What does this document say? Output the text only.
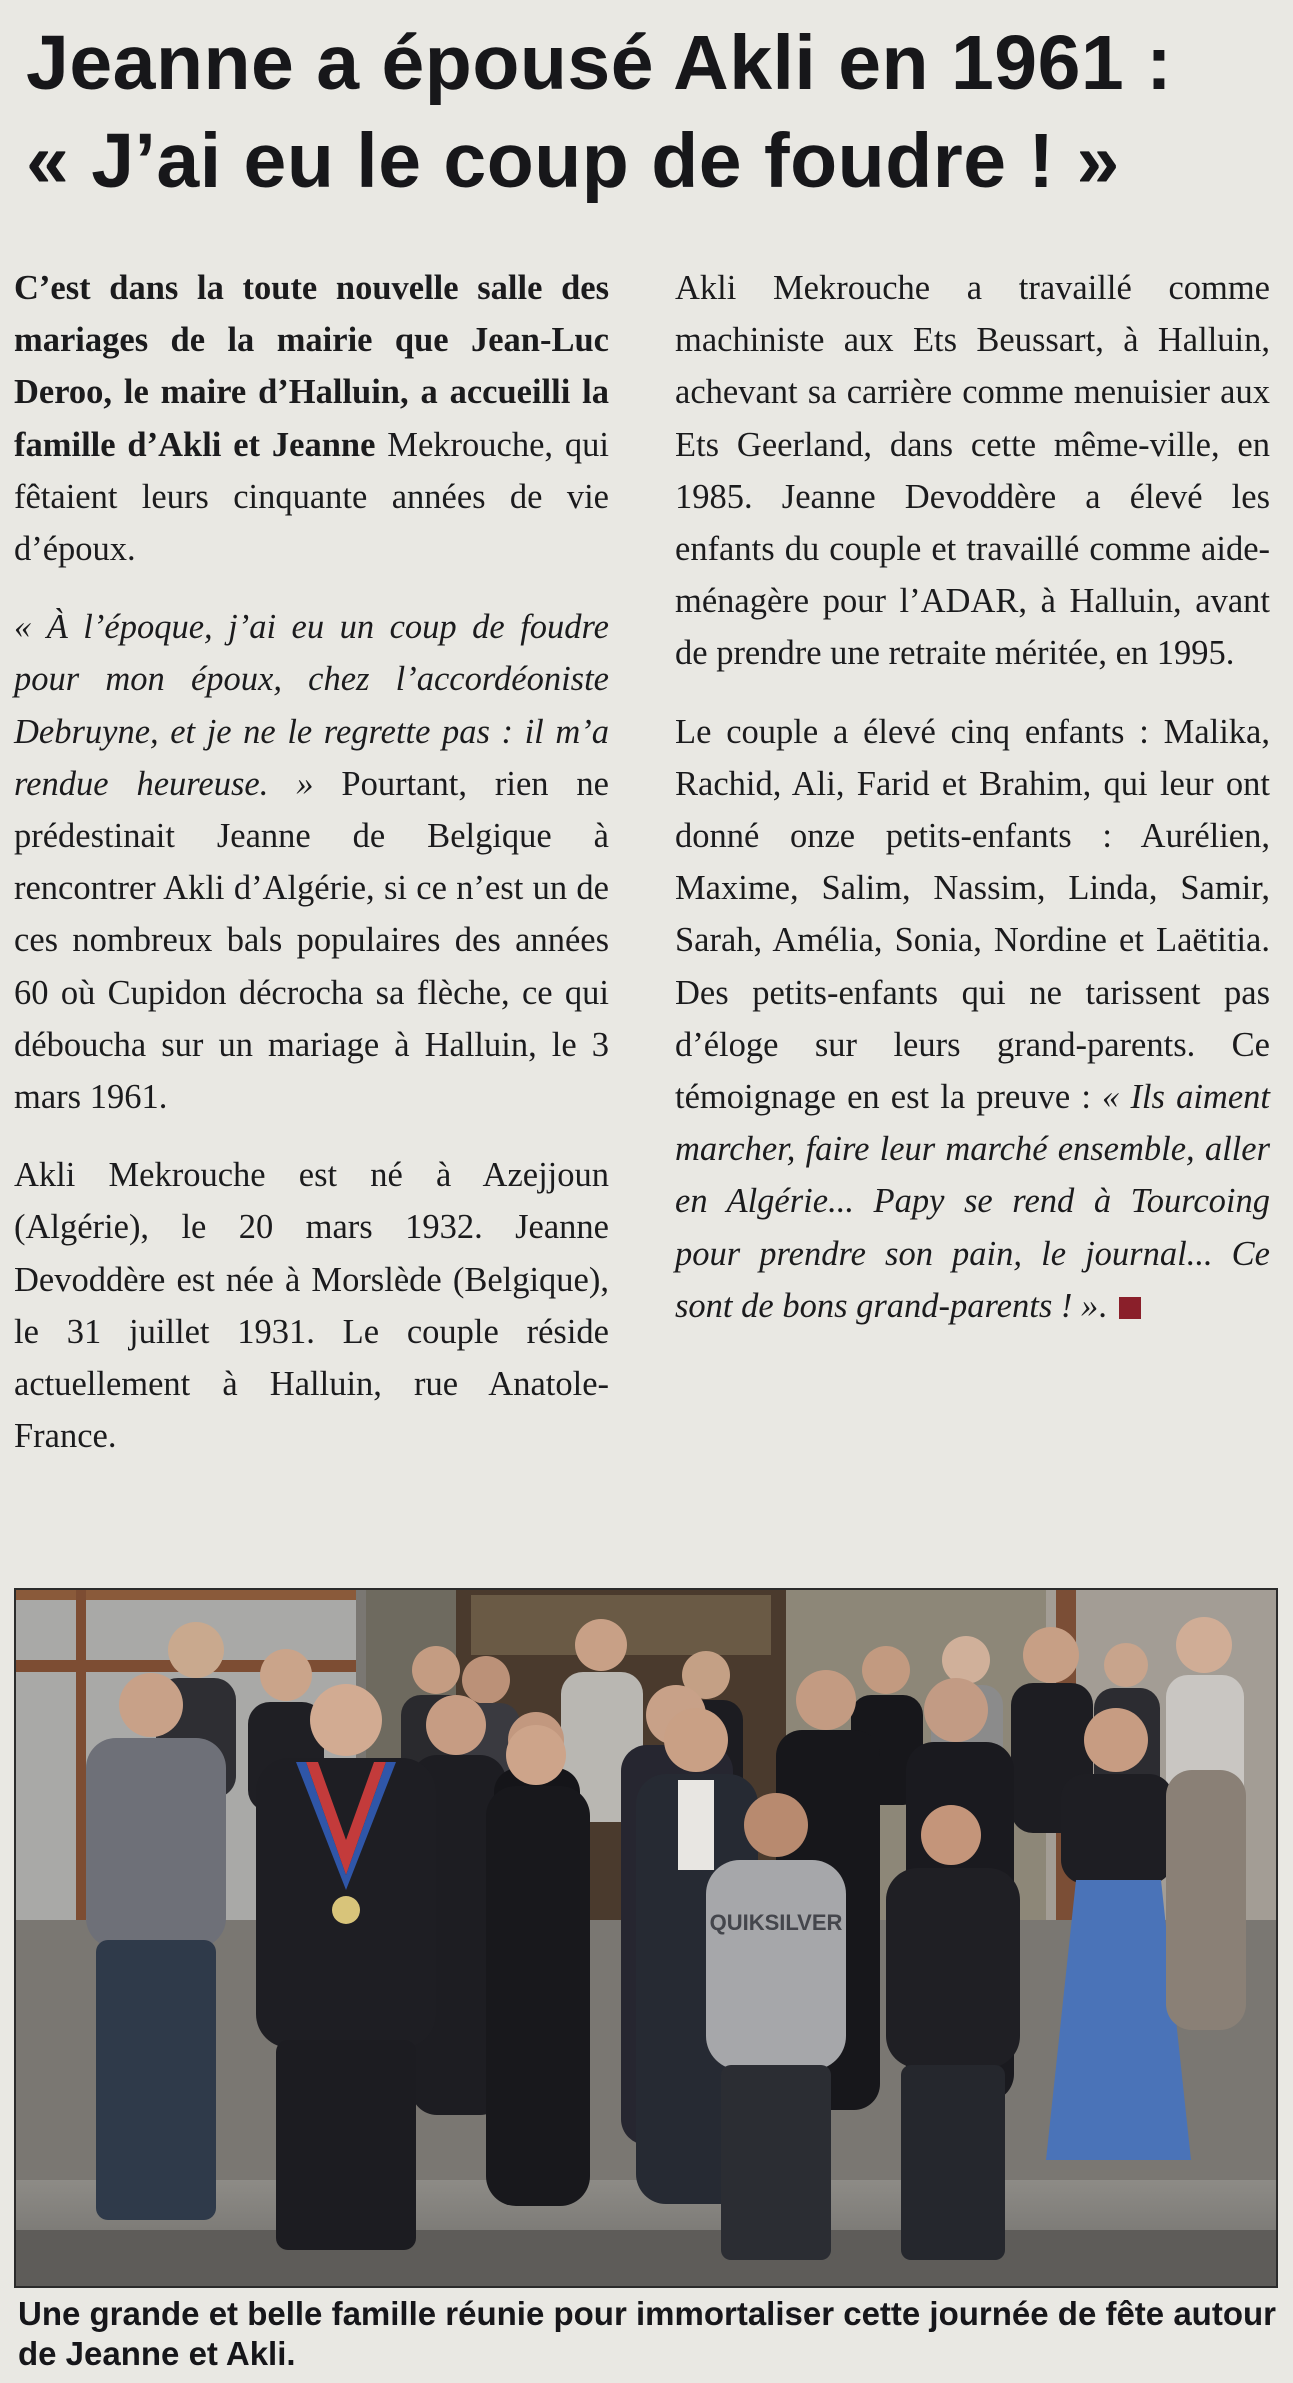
Jeanne a épousé Akli en 1961 :
« J’ai eu le coup de foudre ! »

C’est dans la toute nouvelle salle des mariages de la mairie que Jean-Luc Deroo, le maire d’Halluin, a accueilli la famille d’Akli et Jeanne Mekrouche, qui fêtaient leurs cinquante années de vie d’époux.

« À l’époque, j’ai eu un coup de foudre pour mon époux, chez l’accordéoniste Debruyne, et je ne le regrette pas : il m’a rendue heureuse. » Pourtant, rien ne prédestinait Jeanne de Belgique à rencontrer Akli d’Algérie, si ce n’est un de ces nombreux bals populaires des années 60 où Cupidon décrocha sa flèche, ce qui déboucha sur un mariage à Halluin, le 3 mars 1961.

Akli Mekrouche est né à Azejjoun (Algérie), le 20 mars 1932. Jeanne Devoddère est née à Morslède (Belgique), le 31 juillet 1931. Le couple réside actuellement à Halluin, rue Anatole-France.

Akli Mekrouche a travaillé comme machiniste aux Ets Beussart, à Halluin, achevant sa carrière comme menuisier aux Ets Geerland, dans cette même-ville, en 1985. Jeanne Devoddère a élevé les enfants du couple et travaillé comme aide-ménagère pour l’ADAR, à Halluin, avant de prendre une retraite méritée, en 1995.

Le couple a élevé cinq enfants : Malika, Rachid, Ali, Farid et Brahim, qui leur ont donné onze petits-enfants : Aurélien, Maxime, Salim, Nassim, Linda, Samir, Sarah, Amélia, Sonia, Nordine et Laëtitia. Des petits-enfants qui ne tarissent pas d’éloge sur leurs grand-parents. Ce témoignage en est la preuve : « Ils aiment marcher, faire leur marché ensemble, aller en Algérie... Papy se rend à Tourcoing pour prendre son pain, le journal... Ce sont de bons grand-parents ! ».

QUIKSILVER

Une grande et belle famille réunie pour immortaliser cette journée de fête autour de Jeanne et Akli.
